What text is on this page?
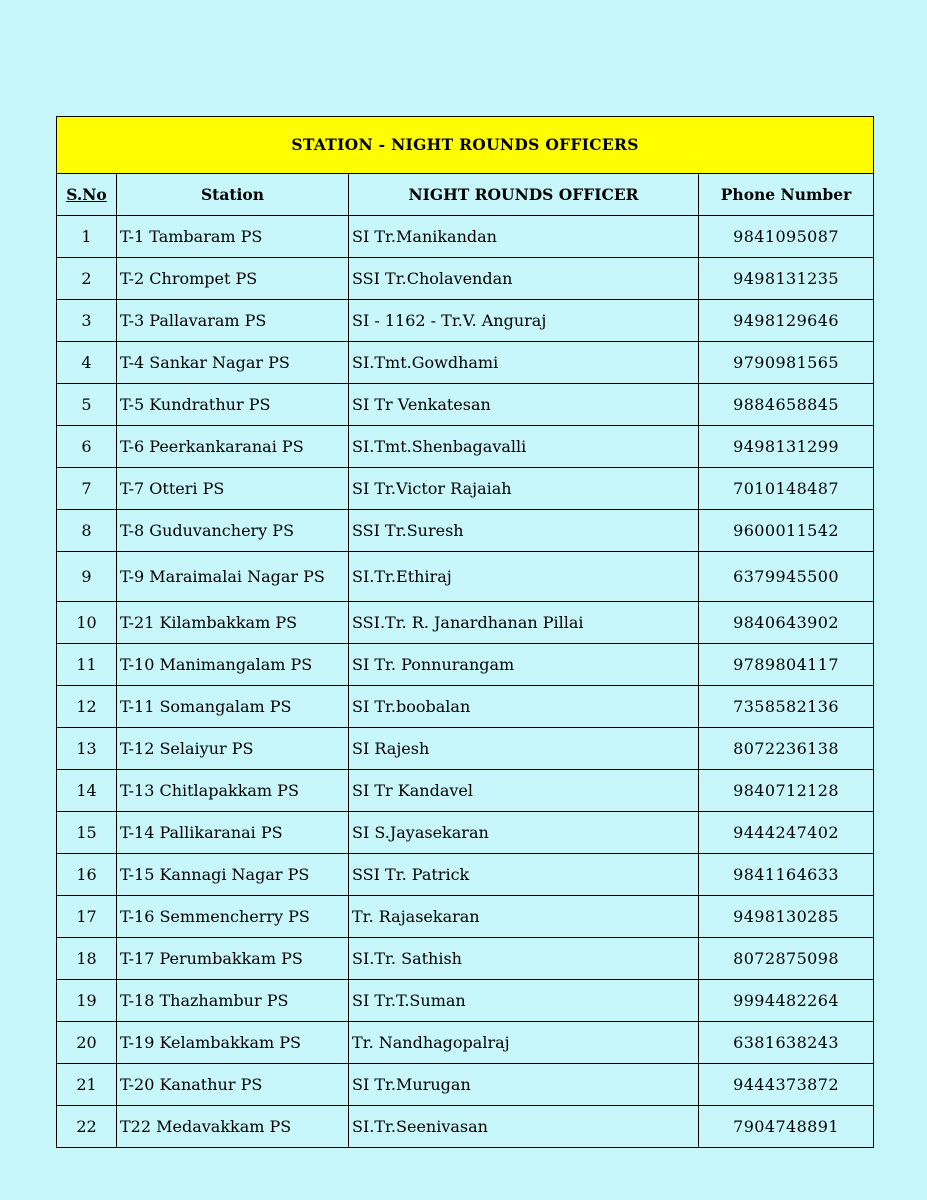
STATION - NIGHT ROUNDS OFFICERS			
S.No	Station	NIGHT ROUNDS OFFICER	Phone Number
1	T-1 Tambaram PS	SI Tr.Manikandan	9841095087
2	T-2 Chrompet PS	SSI Tr.Cholavendan	9498131235
3	T-3 Pallavaram PS	SI - 1162 - Tr.V. Anguraj	9498129646
4	T-4 Sankar Nagar PS	SI.Tmt.Gowdhami	9790981565
5	T-5 Kundrathur PS	SI Tr Venkatesan	9884658845
6	T-6 Peerkankaranai PS	SI.Tmt.Shenbagavalli	9498131299
7	T-7 Otteri PS	SI Tr.Victor Rajaiah	7010148487
8	T-8 Guduvanchery PS	SSI Tr.Suresh	9600011542
9	T-9 Maraimalai Nagar PS	SI.Tr.Ethiraj	6379945500
10	T-21 Kilambakkam PS	SSI.Tr. R. Janardhanan Pillai	9840643902
11	T-10 Manimangalam PS	SI Tr. Ponnurangam	9789804117
12	T-11 Somangalam PS	SI Tr.boobalan	7358582136
13	T-12 Selaiyur PS	SI Rajesh	8072236138
14	T-13 Chitlapakkam PS	SI Tr Kandavel	9840712128
15	T-14 Pallikaranai PS	SI S.Jayasekaran	9444247402
16	T-15 Kannagi Nagar PS	SSI Tr. Patrick	9841164633
17	T-16 Semmencherry PS	Tr. Rajasekaran	9498130285
18	T-17 Perumbakkam PS	SI.Tr. Sathish	8072875098
19	T-18 Thazhambur PS	SI Tr.T.Suman	9994482264
20	T-19 Kelambakkam PS	Tr. Nandhagopalraj	6381638243
21	T-20 Kanathur PS	SI Tr.Murugan	9444373872
22	T22 Medavakkam PS	SI.Tr.Seenivasan	7904748891
